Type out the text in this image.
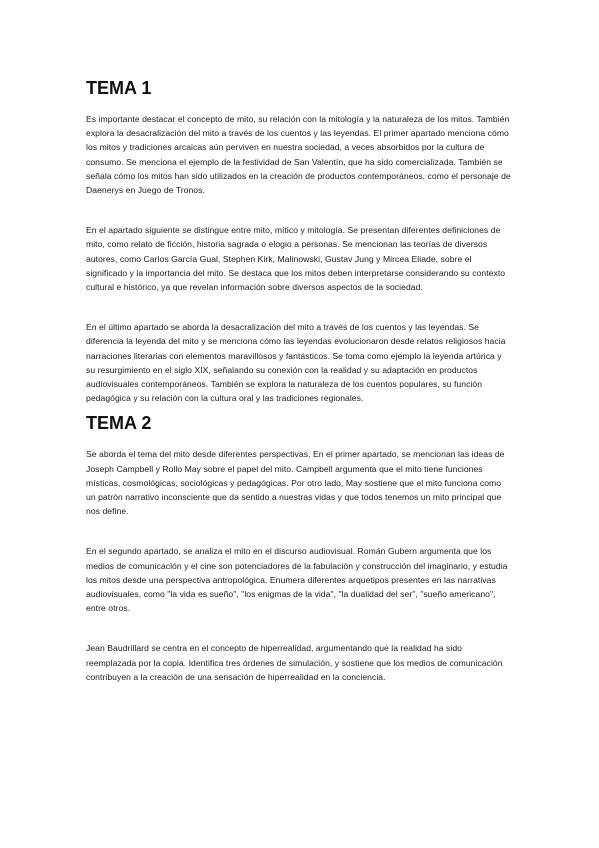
TEMA 1

Es importante destacar el concepto de mito, su relación con la mitología y la naturaleza de los mitos. También explora la desacralización del mito a través de los cuentos y las leyendas. El primer apartado menciona cómo los mitos y tradiciones arcaicas aún perviven en nuestra sociedad, a veces absorbidos por la cultura de consumo. Se menciona el ejemplo de la festividad de San Valentín, que ha sido comercializada. También se señala cómo los mitos han sido utilizados en la creación de productos contemporáneos, como el personaje de Daenerys en Juego de Tronos.

En el apartado siguiente se distingue entre mito, mítico y mitología. Se presentan diferentes definiciones de mito, como relato de ficción, historia sagrada o elogio a personas. Se mencionan las teorías de diversos autores, como Carlos García Gual, Stephen Kirk, Malinowski, Gustav Jung y Mircea Eliade, sobre el significado y la importancia del mito. Se destaca que los mitos deben interpretarse considerando su contexto cultural e histórico, ya que revelan información sobre diversos aspectos de la sociedad.

En el último apartado se aborda la desacralización del mito a través de los cuentos y las leyendas. Se diferencia la leyenda del mito y se menciona cómo las leyendas evolucionaron desde relatos religiosos hacia narraciones literarias con elementos maravillosos y fantásticos. Se toma como ejemplo la leyenda artúrica y su resurgimiento en el siglo XIX, señalando su conexión con la realidad y su adaptación en productos audiovisuales contemporáneos. También se explora la naturaleza de los cuentos populares, su función pedagógica y su relación con la cultura oral y las tradiciones regionales.

TEMA 2

Se aborda el tema del mito desde diferentes perspectivas. En el primer apartado, se mencionan las ideas de Joseph Campbell y Rollo May sobre el papel del mito. Campbell argumenta que el mito tiene funciones místicas, cosmológicas, sociológicas y pedagógicas. Por otro lado, May sostiene que el mito funciona como un patrón narrativo inconsciente que da sentido a nuestras vidas y que todos tenemos un mito principal que nos define.

En el segundo apartado, se analiza el mito en el discurso audiovisual. Román Gubern argumenta que los medios de comunicación y el cine son potenciadores de la fabulación y construcción del imaginario, y estudia los mitos desde una perspectiva antropológica. Enumera diferentes arquetipos presentes en las narrativas audiovisuales, como "la vida es sueño", "los enigmas de la vida", "la dualidad del ser", "sueño americano", entre otros.

Jean Baudrillard se centra en el concepto de hiperrealidad, argumentando que la realidad ha sido reemplazada por la copia. Identifica tres órdenes de simulación, y sostiene que los medios de comunicación contribuyen a la creación de una sensación de hiperrealidad en la conciencia.
